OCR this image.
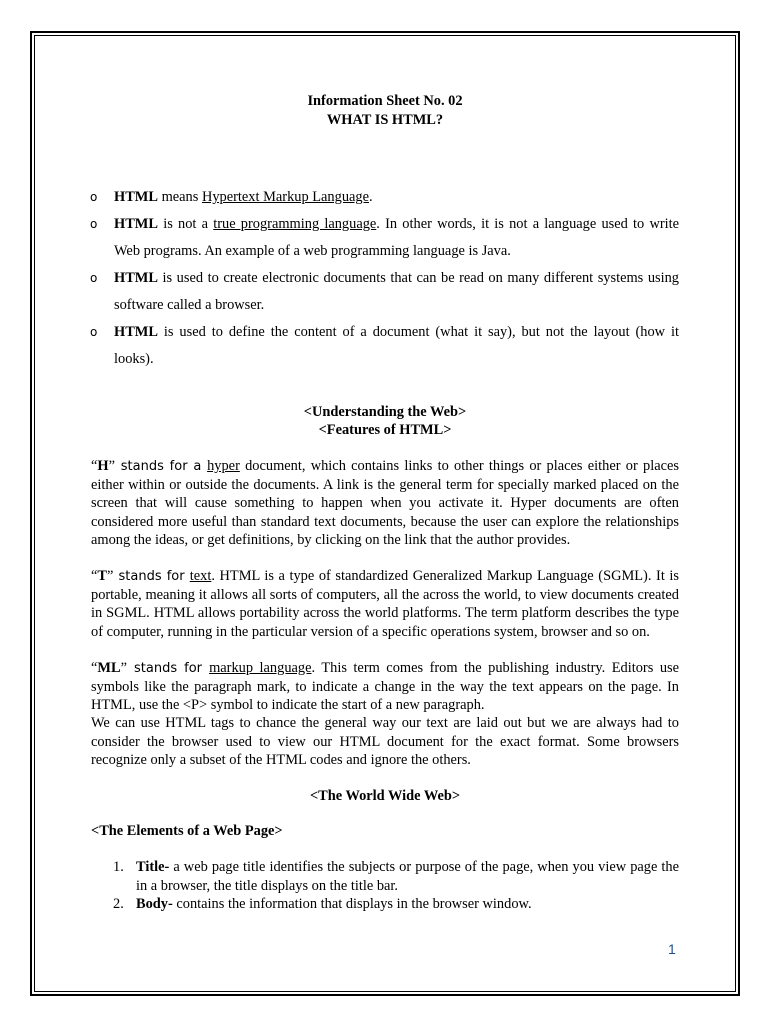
Information Sheet No. 02
WHAT IS HTML?
o HTML means Hypertext Markup Language.
o HTML is not a true programming language. In other words, it is not a language used to write Web programs. An example of a web programming language is Java.
o HTML is used to create electronic documents that can be read on many different systems using software called a browser.
o HTML is used to define the content of a document (what it say), but not the layout (how it looks).
<Understanding the Web>
<Features of HTML>

“H” stands for a hyper document, which contains links to other things or places either or places either within or outside the documents. A link is the general term for specially marked placed on the screen that will cause something to happen when you activate it. Hyper documents are often considered more useful than standard text documents, because the user can explore the relationships among the ideas, or get definitions, by clicking on the link that the author provides.

“T” stands for text. HTML is a type of standardized Generalized Markup Language (SGML). It is portable, meaning it allows all sorts of computers, all the across the world, to view documents created in SGML. HTML allows portability across the world platforms. The term platform describes the type of computer, running in the particular version of a specific operations system, browser and so on.

“ML” stands for markup language. This term comes from the publishing industry. Editors use symbols like the paragraph mark, to indicate a change in the way the text appears on the page. In HTML, use the <P> symbol to indicate the start of a new paragraph.

We can use HTML tags to chance the general way our text are laid out but we are always had to consider the browser used to view our HTML document for the exact format. Some browsers recognize only a subset of the HTML codes and ignore the others.

<The World Wide Web>
<The Elements of a Web Page>
1. Title- a web page title identifies the subjects or purpose of the page, when you view page the in a browser, the title displays on the title bar.
2. Body- contains the information that displays in the browser window.
1
